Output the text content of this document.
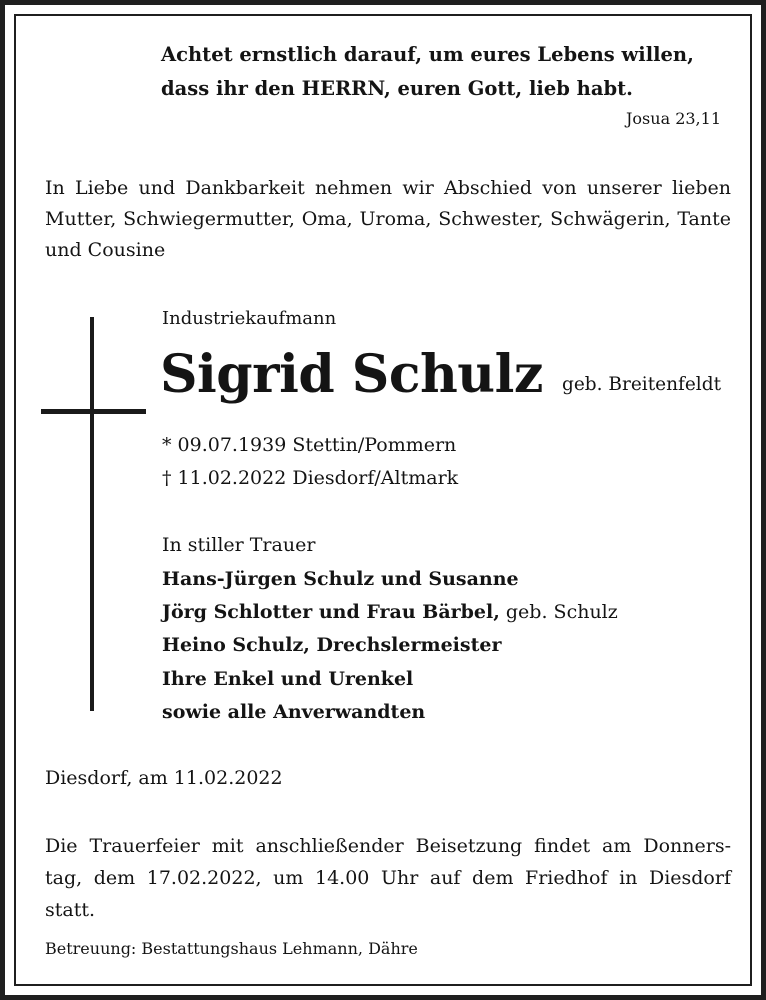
Achtet ernstlich darauf, um eures Lebens willen,
dass ihr den HERRN, euren Gott, lieb habt.
Josua 23,11
In Liebe und Dankbarkeit nehmen wir Abschied von unserer lieben Mutter, Schwiegermutter, Oma, Uroma, Schwester, Schwägerin, Tante und Cousine
Industriekaufmann
Sigrid Schulz geb. Breitenfeldt
* 09.07.1939 Stettin/Pommern
† 11.02.2022 Diesdorf/Altmark
In stiller Trauer
Hans-Jürgen Schulz und Susanne
Jörg Schlotter und Frau Bärbel, geb. Schulz
Heino Schulz, Drechslermeister
Ihre Enkel und Urenkel
sowie alle Anverwandten
Diesdorf, am 11.02.2022
Die Trauerfeier mit anschließender Beisetzung findet am Donners-
tag, dem 17.02.2022, um 14.00 Uhr auf dem Friedhof in Diesdorf
statt.
Betreuung: Bestattungshaus Lehmann, Dähre
